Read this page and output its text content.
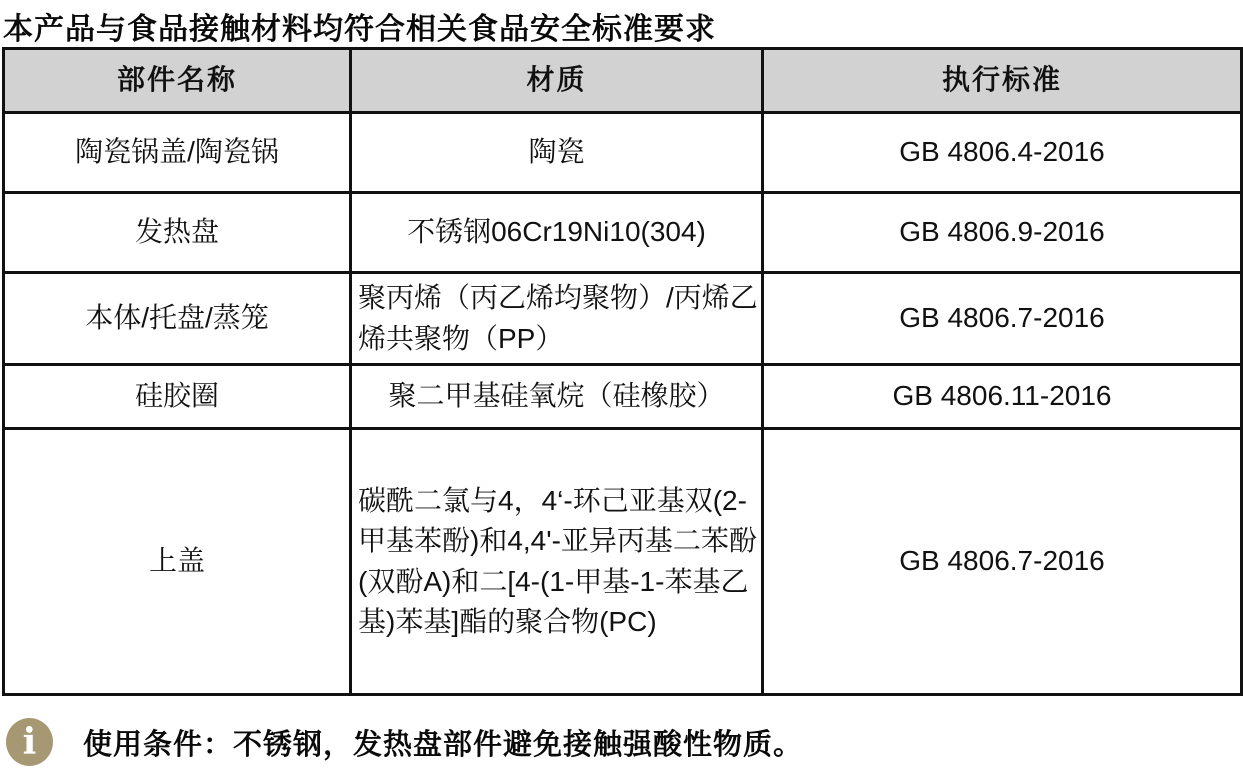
本产品与食品接触材料均符合相关食品安全标准要求
部件名称	材质	执行标准
陶瓷锅盖/陶瓷锅	陶瓷	GB 4806.4-2016
发热盘	不锈钢06Cr19Ni10(304)	GB 4806.9-2016
本体/托盘/蒸笼	聚丙烯（丙乙烯均聚物）/丙烯乙烯共聚物（PP）	GB 4806.7-2016
硅胶圈	聚二甲基硅氧烷（硅橡胶）	GB 4806.11-2016
上盖	碳酰二氯与4，4‘-环己亚基双(2-甲基苯酚)和4,4'-亚异丙基二苯酚(双酚A)和二[4-(1-甲基-1-苯基乙基)苯基]酯的聚合物(PC)	GB 4806.7-2016
i	使用条件：不锈钢，发热盘部件避免接触强酸性物质。
